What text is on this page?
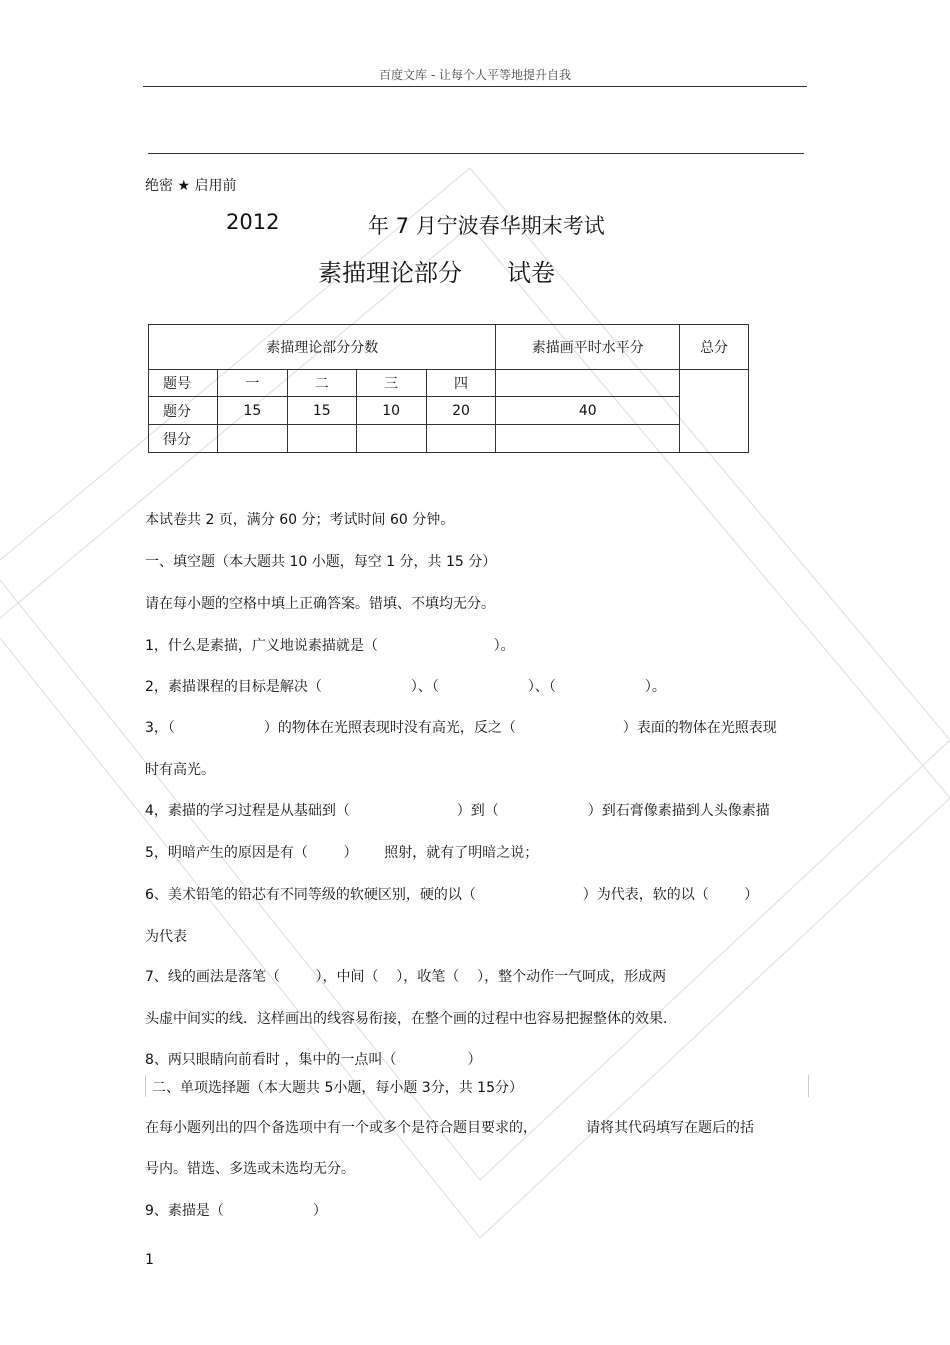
百度文库 - 让每个人平等地提升自我
绝密 ★ 启用前
2012	年 7 月宁波春华期末考试
素描理论部分 试卷
素描理论部分分数					素描画平时水平分	总分
题号	一	二	三	四		
题分	15	15	10	20	40	
得分						
本试卷共 2 页，满分 60 分；考试时间 60 分钟。
一、填空题（本大题共 10 小题，每空 1 分，共 15 分）
请在每小题的空格中填上正确答案。错填、不填均无分。
1，什么是素描，广义地说素描就是（                          ）。
2，素描课程的目标是解决（                    ）、（                    ）、（                    ）。
3，（                    ）的物体在光照表现时没有高光，反之（                        ）表面的物体在光照表现
时有高光。
4，素描的学习过程是从基础到（                        ）到（                    ）到石膏像素描到人头像素描
5，明暗产生的原因是有（        ）      照射，就有了明暗之说；
6、美术铅笔的铅芯有不同等级的软硬区别，硬的以（                        ）为代表，软的以（        ）
为代表
7、线的画法是落笔（        ），中间（    ），收笔（    ），整个动作一气呵成，形成两
头虚中间实的线．这样画出的线容易衔接，在整个画的过程中也容易把握整体的效果．
8、两只眼睛向前看时 ，集中的一点叫（                ）
二、单项选择题（本大题共 5小题，每小题 3分，共 15分）
在每小题列出的四个备选项中有一个或多个是符合题目要求的，           请将其代码填写在题后的括
号内。错选、多选或未选均无分。
9、素描是（                    ）
1
